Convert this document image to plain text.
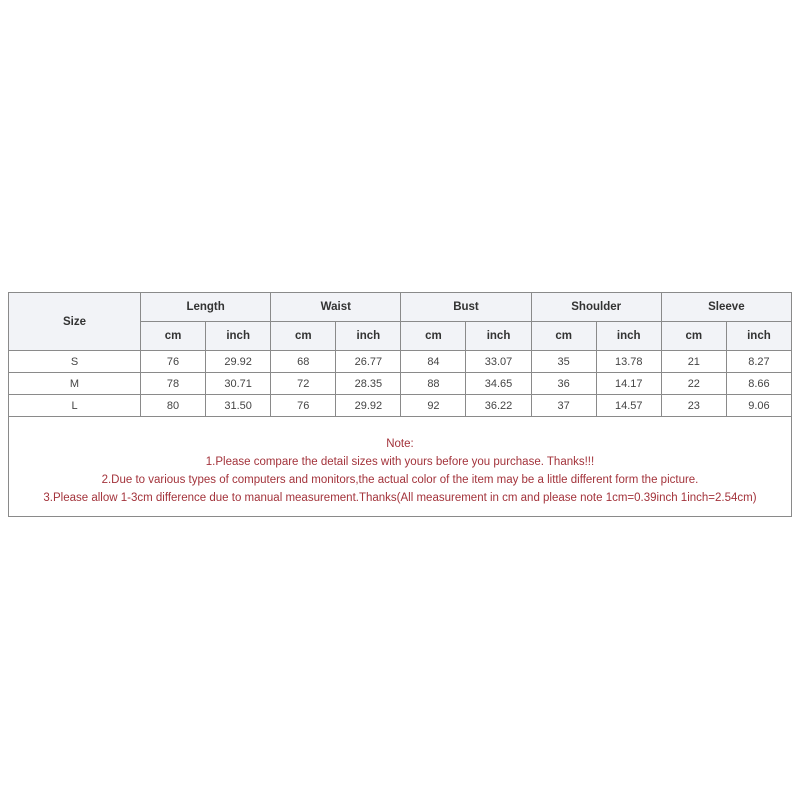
Size	Length		Waist		Bust		Shoulder		Sleeve	
	cm	inch	cm	inch	cm	inch	cm	inch	cm	inch
S	76	29.92	68	26.77	84	33.07	35	13.78	21	8.27
M	78	30.71	72	28.35	88	34.65	36	14.17	22	8.66
L	80	31.50	76	29.92	92	36.22	37	14.57	23	9.06

Note:
1.Please compare the detail sizes with yours before you purchase. Thanks!!!
2.Due to various types of computers and monitors,the actual color of the item may be a little different form the picture.
3.Please allow 1-3cm difference due to manual measurement.Thanks(All measurement in cm and please note 1cm=0.39inch 1inch=2.54cm)										
